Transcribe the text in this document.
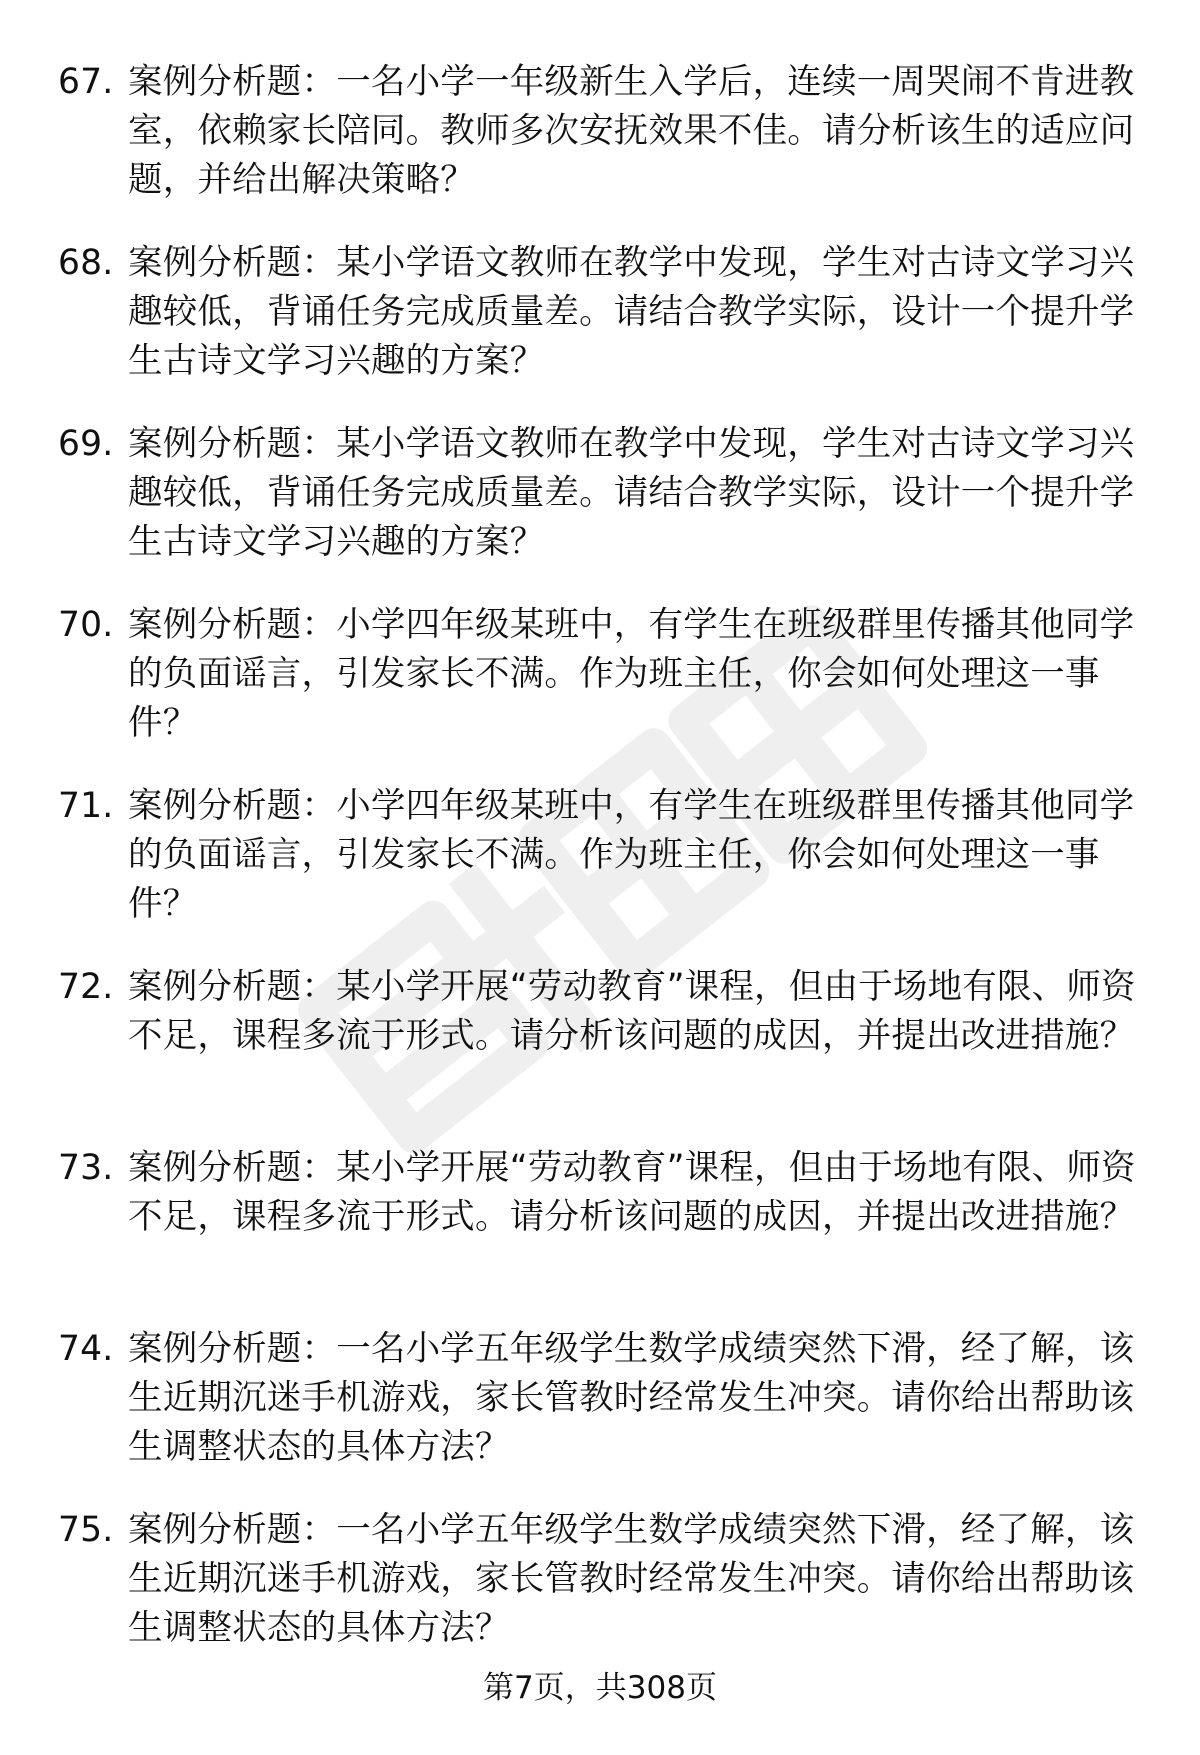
67. 案例分析题：一名小学一年级新生入学后，连续一周哭闹不肯进教室，依赖家长陪同。教师多次安抚效果不佳。请分析该生的适应问题，并给出解决策略？
68. 案例分析题：某小学语文教师在教学中发现，学生对古诗文学习兴趣较低，背诵任务完成质量差。请结合教学实际，设计一个提升学生古诗文学习兴趣的方案？
69. 案例分析题：某小学语文教师在教学中发现，学生对古诗文学习兴趣较低，背诵任务完成质量差。请结合教学实际，设计一个提升学生古诗文学习兴趣的方案？
70. 案例分析题：小学四年级某班中，有学生在班级群里传播其他同学的负面谣言，引发家长不满。作为班主任，你会如何处理这一事件？
71. 案例分析题：小学四年级某班中，有学生在班级群里传播其他同学的负面谣言，引发家长不满。作为班主任，你会如何处理这一事件？
72. 案例分析题：某小学开展“劳动教育”课程，但由于场地有限、师资不足，课程多流于形式。请分析该问题的成因，并提出改进措施？
73. 案例分析题：某小学开展“劳动教育”课程，但由于场地有限、师资不足，课程多流于形式。请分析该问题的成因，并提出改进措施？
74. 案例分析题：一名小学五年级学生数学成绩突然下滑，经了解，该生近期沉迷手机游戏，家长管教时经常发生冲突。请你给出帮助该生调整状态的具体方法？
75. 案例分析题：一名小学五年级学生数学成绩突然下滑，经了解，该生近期沉迷手机游戏，家长管教时经常发生冲突。请你给出帮助该生调整状态的具体方法？
第7页，共308页
